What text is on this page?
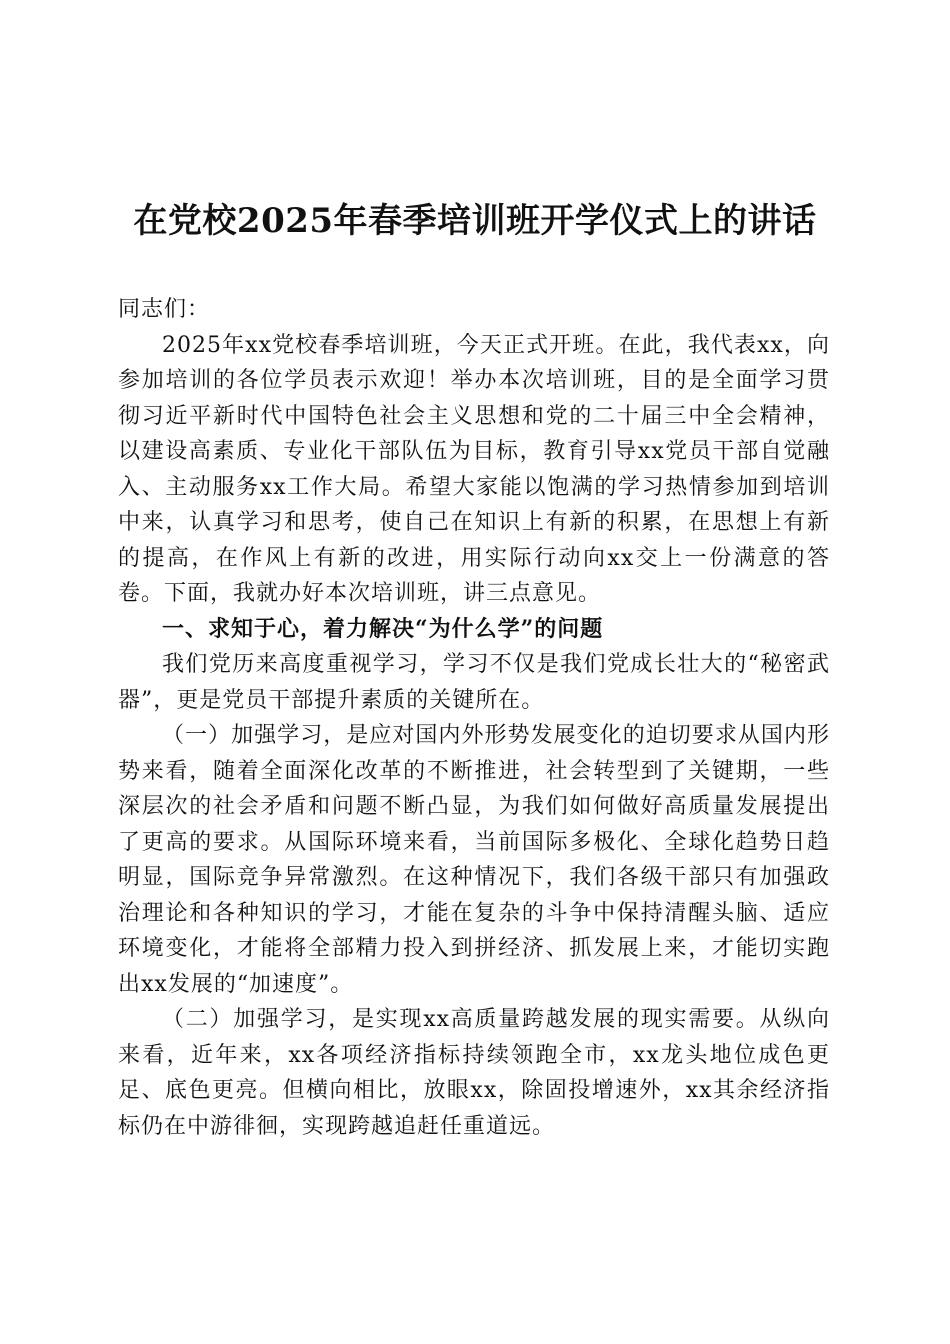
在党校2025年春季培训班开学仪式上的讲话

同志们：

2025年xx党校春季培训班，今天正式开班。在此，我代表xx，向参加培训的各位学员表示欢迎！举办本次培训班，目的是全面学习贯彻习近平新时代中国特色社会主义思想和党的二十届三中全会精神，以建设高素质、专业化干部队伍为目标，教育引导xx党员干部自觉融入、主动服务xx工作大局。希望大家能以饱满的学习热情参加到培训中来，认真学习和思考，使自己在知识上有新的积累，在思想上有新的提高，在作风上有新的改进，用实际行动向xx交上一份满意的答卷。下面，我就办好本次培训班，讲三点意见。

一、求知于心，着力解决“为什么学”的问题

我们党历来高度重视学习，学习不仅是我们党成长壮大的“秘密武器”，更是党员干部提升素质的关键所在。

（一）加强学习，是应对国内外形势发展变化的迫切要求从国内形势来看，随着全面深化改革的不断推进，社会转型到了关键期，一些深层次的社会矛盾和问题不断凸显，为我们如何做好高质量发展提出了更高的要求。从国际环境来看，当前国际多极化、全球化趋势日趋明显，国际竞争异常激烈。在这种情况下，我们各级干部只有加强政治理论和各种知识的学习，才能在复杂的斗争中保持清醒头脑、适应环境变化，才能将全部精力投入到拼经济、抓发展上来，才能切实跑出xx发展的“加速度”。

（二）加强学习，是实现xx高质量跨越发展的现实需要。从纵向来看，近年来，xx各项经济指标持续领跑全市，xx龙头地位成色更足、底色更亮。但横向相比，放眼xx，除固投增速外，xx其余经济指标仍在中游徘徊，实现跨越追赶任重道远。
